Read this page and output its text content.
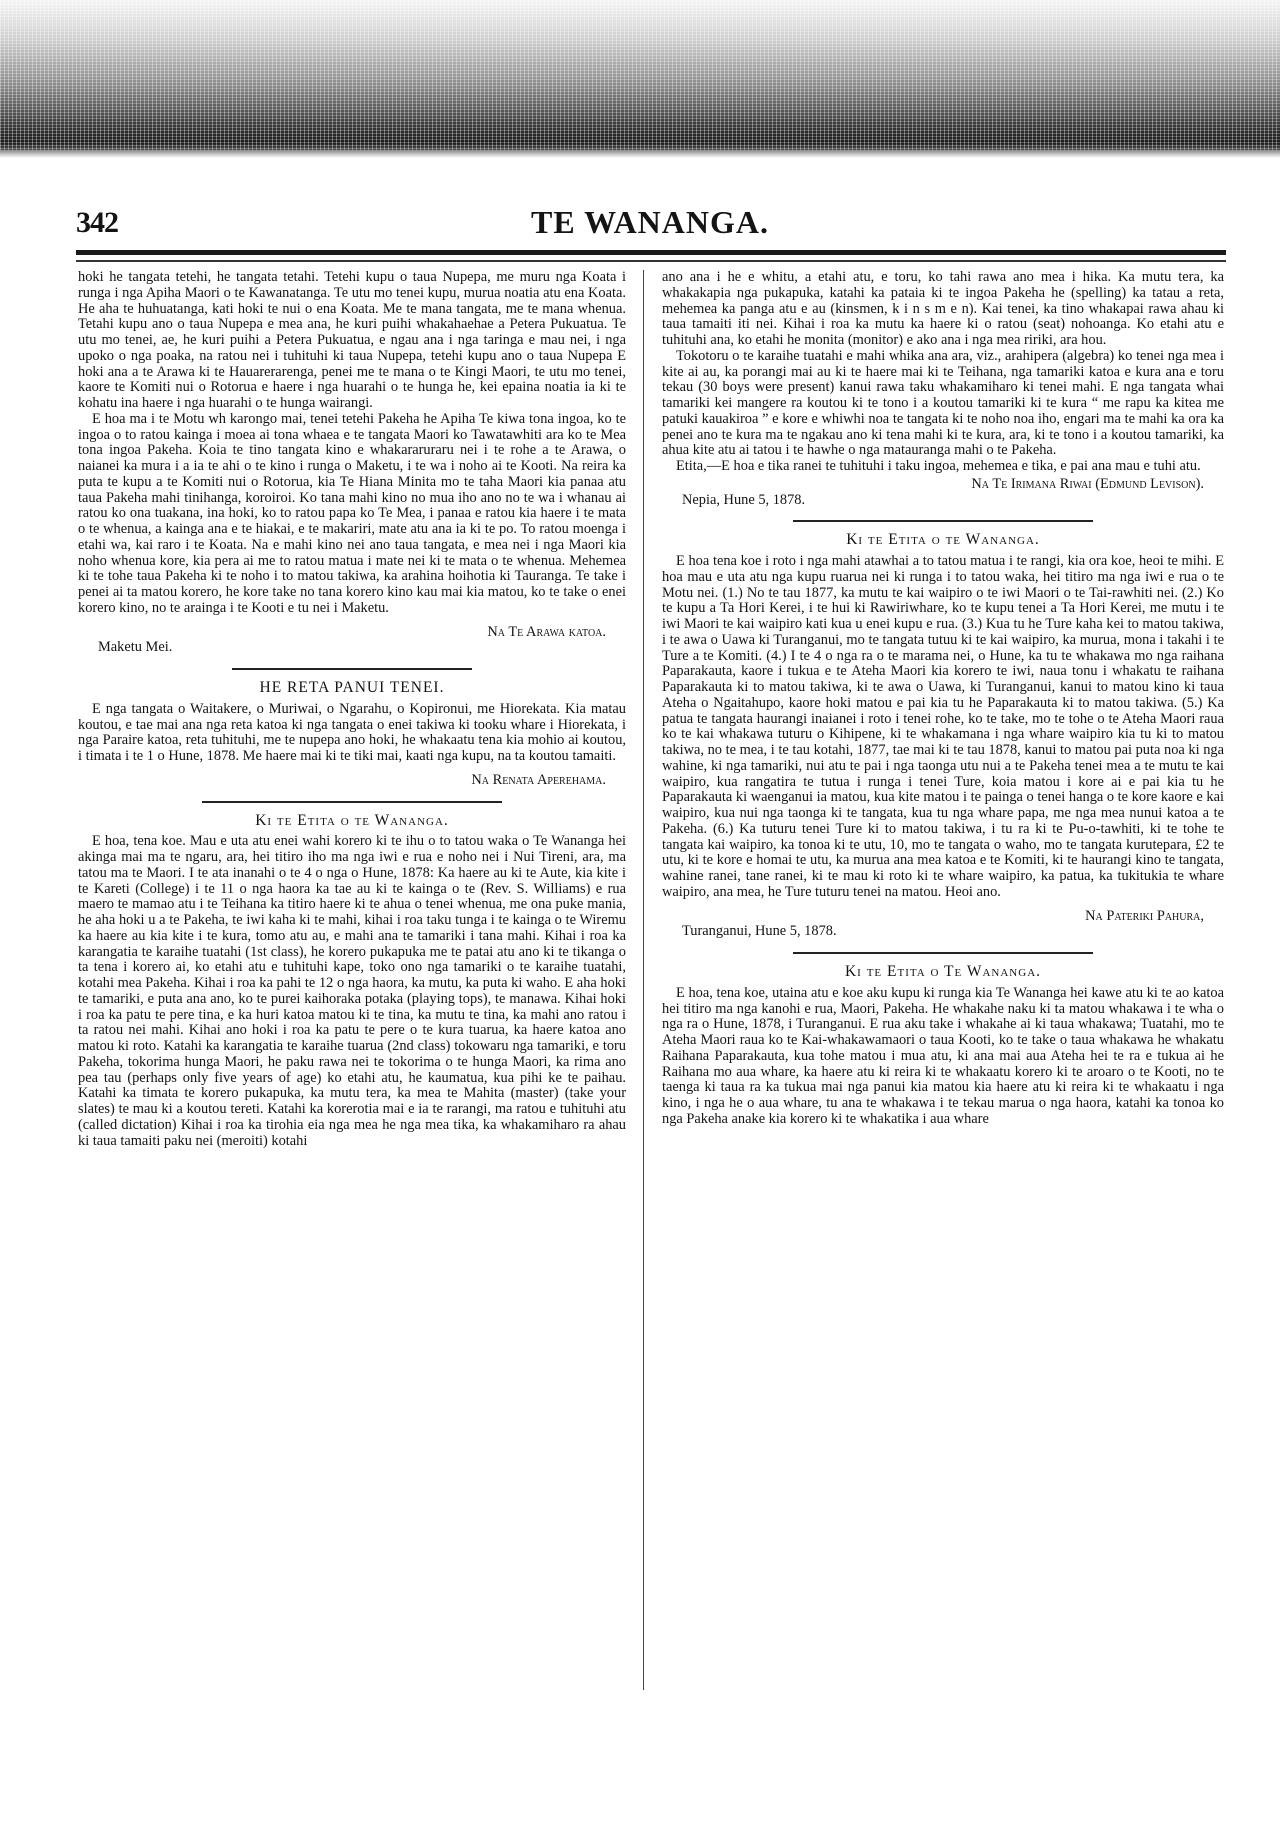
342	TE WANANGA.

hoki he tangata tetehi, he tangata tetahi. Tetehi kupu o taua Nupepa, me muru nga Koata i runga i nga Apiha Maori o te Kawanatanga. Te utu mo tenei kupu, murua noatia atu ena Koata. He aha te huhuatanga, kati hoki te nui o ena Koata. Me te mana tangata, me te mana whenua. Tetahi kupu ano o taua Nupepa e mea ana, he kuri puihi whakahaehae a Petera Pukuatua. Te utu mo tenei, ae, he kuri puihi a Petera Pukuatua, e ngau ana i nga taringa e mau nei, i nga upoko o nga poaka, na ratou nei i tuhituhi ki taua Nupepa, tetehi kupu ano o taua Nupepa E hoki ana a te Arawa ki te Hauarerarenga, penei me te mana o te Kingi Maori, te utu mo tenei, kaore te Komiti nui o Rotorua e haere i nga huarahi o te hunga he, kei epaina noatia ia ki te kohatu ina haere i nga huarahi o te hunga wairangi.

E hoa ma i te Motu wh karongo mai, tenei tetehi Pakeha he Apiha Te kiwa tona ingoa, ko te ingoa o to ratou kainga i moea ai tona whaea e te tangata Maori ko Tawatawhiti ara ko te Mea tona ingoa Pakeha. Koia te tino tangata kino e whakararuraru nei i te rohe a te Arawa, o naianei ka mura i a ia te ahi o te kino i runga o Maketu, i te wa i noho ai te Kooti. Na reira ka puta te kupu a te Komiti nui o Rotorua, kia Te Hiana Minita mo te taha Maori kia panaa atu taua Pakeha mahi tinihanga, koroiroi. Ko tana mahi kino no mua iho ano no te wa i whanau ai ratou ko ona tuakana, ina hoki, ko to ratou papa ko Te Mea, i panaa e ratou kia haere i te mata o te whenua, a kainga ana e te hiakai, e te makariri, mate atu ana ia ki te po. To ratou moenga i etahi wa, kai raro i te Koata. Na e mahi kino nei ano taua tangata, e mea nei i nga Maori kia noho whenua kore, kia pera ai me to ratou matua i mate nei ki te mata o te whenua. Mehemea ki te tohe taua Pakeha ki te noho i to matou takiwa, ka arahina hoihotia ki Tauranga. Te take i penei ai ta matou korero, he kore take no tana korero kino kau mai kia matou, ko te take o enei korero kino, no te arainga i te Kooti e tu nei i Maketu.

Na Te Arawa katoa.

Maketu Mei.

HE RETA PANUI TENEI.

E nga tangata o Waitakere, o Muriwai, o Ngarahu, o Kopironui, me Hiorekata. Kia matau koutou, e tae mai ana nga reta katoa ki nga tangata o enei takiwa ki tooku whare i Hiorekata, i nga Paraire katoa, reta tuhituhi, me te nupepa ano hoki, he whakaatu tena kia mohio ai koutou, i timata i te 1 o Hune, 1878. Me haere mai ki te tiki mai, kaati nga kupu, na ta koutou tamaiti.

Na Renata Aperehama.
Ki te Etita o te Wananga.

E hoa, tena koe. Mau e uta atu enei wahi korero ki te ihu o to tatou waka o Te Wananga hei akinga mai ma te ngaru, ara, hei titiro iho ma nga iwi e rua e noho nei i Nui Tireni, ara, ma tatou ma te Maori. I te ata inanahi o te 4 o nga o Hune, 1878: Ka haere au ki te Aute, kia kite i te Kareti (College) i te 11 o nga haora ka tae au ki te kainga o te (Rev. S. Williams) e rua maero te mamao atu i te Teihana ka titiro haere ki te ahua o tenei whenua, me ona puke mania, he aha hoki u a te Pakeha, te iwi kaha ki te mahi, kihai i roa taku tunga i te kainga o te Wiremu ka haere au kia kite i te kura, tomo atu au, e mahi ana te tamariki i tana mahi. Kihai i roa ka karangatia te karaihe tuatahi (1st class), he korero pukapuka me te patai atu ano ki te tikanga o ta tena i korero ai, ko etahi atu e tuhituhi kape, toko ono nga tamariki o te karaihe tuatahi, kotahi mea Pakeha. Kihai i roa ka pahi te 12 o nga haora, ka mutu, ka puta ki waho. E aha hoki te tamariki, e puta ana ano, ko te purei kaihoraka potaka (playing tops), te manawa. Kihai hoki i roa ka patu te pere tina, e ka huri katoa matou ki te tina, ka mutu te tina, ka mahi ano ratou i ta ratou nei mahi. Kihai ano hoki i roa ka patu te pere o te kura tuarua, ka haere katoa ano matou ki roto. Katahi ka karangatia te karaihe tuarua (2nd class) tokowaru nga tamariki, e toru Pakeha, tokorima hunga Maori, he paku rawa nei te tokorima o te hunga Maori, ka rima ano pea tau (perhaps only five years of age) ko etahi atu, he kaumatua, kua pihi ke te paihau. Katahi ka timata te korero pukapuka, ka mutu tera, ka mea te Mahita (master) (take your slates) te mau ki a koutou tereti. Katahi ka korerotia mai e ia te rarangi, ma ratou e tuhituhi atu (called dictation) Kihai i roa ka tirohia eia nga mea he nga mea tika, ka whakamiharo ra ahau ki taua tamaiti paku nei (meroiti) kotahi

ano ana i he e whitu, a etahi atu, e toru, ko tahi rawa ano mea i hika. Ka mutu tera, ka whakakapia nga pukapuka, katahi ka pataia ki te ingoa Pakeha he (spelling) ka tatau a reta, mehemea ka panga atu e au (kinsmen, k i n s m e n). Kai tenei, ka tino whakapai rawa ahau ki taua tamaiti iti nei. Kihai i roa ka mutu ka haere ki o ratou (seat) nohoanga. Ko etahi atu e tuhituhi ana, ko etahi he monita (monitor) e ako ana i nga mea ririki, ara hou.

Tokotoru o te karaihe tuatahi e mahi whika ana ara, viz., arahipera (algebra) ko tenei nga mea i kite ai au, ka porangi mai au ki te haere mai ki te Teihana, nga tamariki katoa e kura ana e toru tekau (30 boys were present) kanui rawa taku whakamiharo ki tenei mahi. E nga tangata whai tamariki kei mangere ra koutou ki te tono i a koutou tamariki ki te kura “ me rapu ka kitea me patuki kauakiroa ” e kore e whiwhi noa te tangata ki te noho noa iho, engari ma te mahi ka ora ka penei ano te kura ma te ngakau ano ki tena mahi ki te kura, ara, ki te tono i a koutou tamariki, ka ahua kite atu ai tatou i te hawhe o nga matauranga mahi o te Pakeha.

Etita,—E hoa e tika ranei te tuhituhi i taku ingoa, mehemea e tika, e pai ana mau e tuhi atu.

Na Te Irimana Riwai (Edmund Levison).

Nepia, Hune 5, 1878.

Ki te Etita o te Wananga.

E hoa tena koe i roto i nga mahi atawhai a to tatou matua i te rangi, kia ora koe, heoi te mihi. E hoa mau e uta atu nga kupu ruarua nei ki runga i to tatou waka, hei titiro ma nga iwi e rua o te Motu nei. (1.) No te tau 1877, ka mutu te kai waipiro o te iwi Maori o te Tai-rawhiti nei. (2.) Ko te kupu a Ta Hori Kerei, i te hui ki Rawiriwhare, ko te kupu tenei a Ta Hori Kerei, me mutu i te iwi Maori te kai waipiro kati kua u enei kupu e rua. (3.) Kua tu he Ture kaha kei to matou takiwa, i te awa o Uawa ki Turanganui, mo te tangata tutuu ki te kai waipiro, ka murua, mona i takahi i te Ture a te Komiti. (4.) I te 4 o nga ra o te marama nei, o Hune, ka tu te whakawa mo nga raihana Paparakauta, kaore i tukua e te Ateha Maori kia korero te iwi, naua tonu i whakatu te raihana Paparakauta ki to matou takiwa, ki te awa o Uawa, ki Turanganui, kanui to matou kino ki taua Ateha o Ngaitahupo, kaore hoki matou e pai kia tu he Paparakauta ki to matou takiwa. (5.) Ka patua te tangata haurangi inaianei i roto i tenei rohe, ko te take, mo te tohe o te Ateha Maori raua ko te kai whakawa tuturu o Kihipene, ki te whakamana i nga whare waipiro kia tu ki to matou takiwa, no te mea, i te tau kotahi, 1877, tae mai ki te tau 1878, kanui to matou pai puta noa ki nga wahine, ki nga tamariki, nui atu te pai i nga taonga utu nui a te Pakeha tenei mea a te mutu te kai waipiro, kua rangatira te tutua i runga i tenei Ture, koia matou i kore ai e pai kia tu he Paparakauta ki waenganui ia matou, kua kite matou i te painga o tenei hanga o te kore kaore e kai waipiro, kua nui nga taonga ki te tangata, kua tu nga whare papa, me nga mea nunui katoa a te Pakeha. (6.) Ka tuturu tenei Ture ki to matou takiwa, i tu ra ki te Pu-o-tawhiti, ki te tohe te tangata kai waipiro, ka tonoa ki te utu, 10, mo te tangata o waho, mo te tangata kurutepara, £2 te utu, ki te kore e homai te utu, ka murua ana mea katoa e te Komiti, ki te haurangi kino te tangata, wahine ranei, tane ranei, ki te mau ki roto ki te whare waipiro, ka patua, ka tukitukia te whare waipiro, ana mea, he Ture tuturu tenei na matou. Heoi ano.

Na Pateriki Pahura,

Turanganui, Hune 5, 1878.

Ki te Etita o Te Wananga.

E hoa, tena koe, utaina atu e koe aku kupu ki runga kia Te Wananga hei kawe atu ki te ao katoa hei titiro ma nga kanohi e rua, Maori, Pakeha. He whakahe naku ki ta matou whakawa i te wha o nga ra o Hune, 1878, i Turanganui. E rua aku take i whakahe ai ki taua whakawa; Tuatahi, mo te Ateha Maori raua ko te Kai-whakawamaori o taua Kooti, ko te take o taua whakawa he whakatu Raihana Paparakauta, kua tohe matou i mua atu, ki ana mai aua Ateha hei te ra e tukua ai he Raihana mo aua whare, ka haere atu ki reira ki te whakaatu korero ki te aroaro o te Kooti, no te taenga ki taua ra ka tukua mai nga panui kia matou kia haere atu ki reira ki te whakaatu i nga kino, i nga he o aua whare, tu ana te whakawa i te tekau marua o nga haora, katahi ka tonoa ko nga Pakeha anake kia korero ki te whakatika i aua whare
